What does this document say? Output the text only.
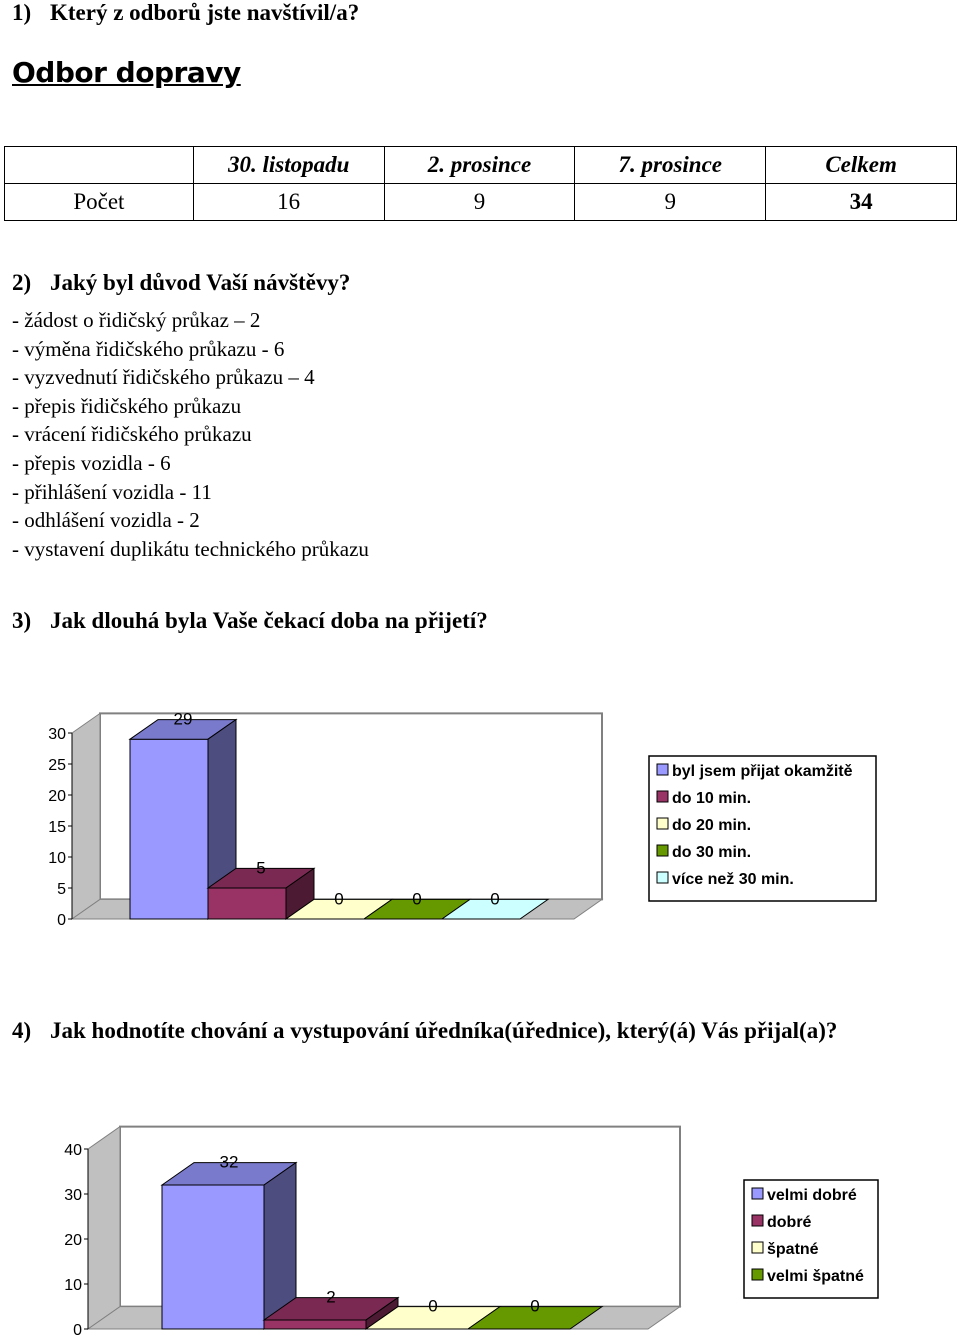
1) Který z odborů jste navštívil/a?
Odbor dopravy
	30. listopadu	2. prosince	7. prosince	Celkem
Počet	16	9	9	34
2) Jaký byl důvod Vaší návštěvy?
- žádost o řidičský průkaz – 2
- výměna řidičského průkazu - 6
- vyzvednutí řidičského průkazu – 4
- přepis řidičského průkazu
- vrácení řidičského průkazu
- přepis vozidla - 6
- přihlášení vozidla - 11
- odhlášení vozidla - 2
- vystavení duplikátu technického průkazu
3) Jak dlouhá byla Vaše čekací doba na přijetí?
4) Jak hodnotíte chování a vystupování úředníka(úřednice), který(á) Vás přijal(a)?
0
5
10
15
20
25
30
29
5
0	0	0
byl jsem přijat okamžitě
do 10 min.
do 20 min.
do 30 min.
více než 30 min.
0
10
20
30
40
32
2	0	0
velmi dobré
dobré
špatné
velmi špatné
